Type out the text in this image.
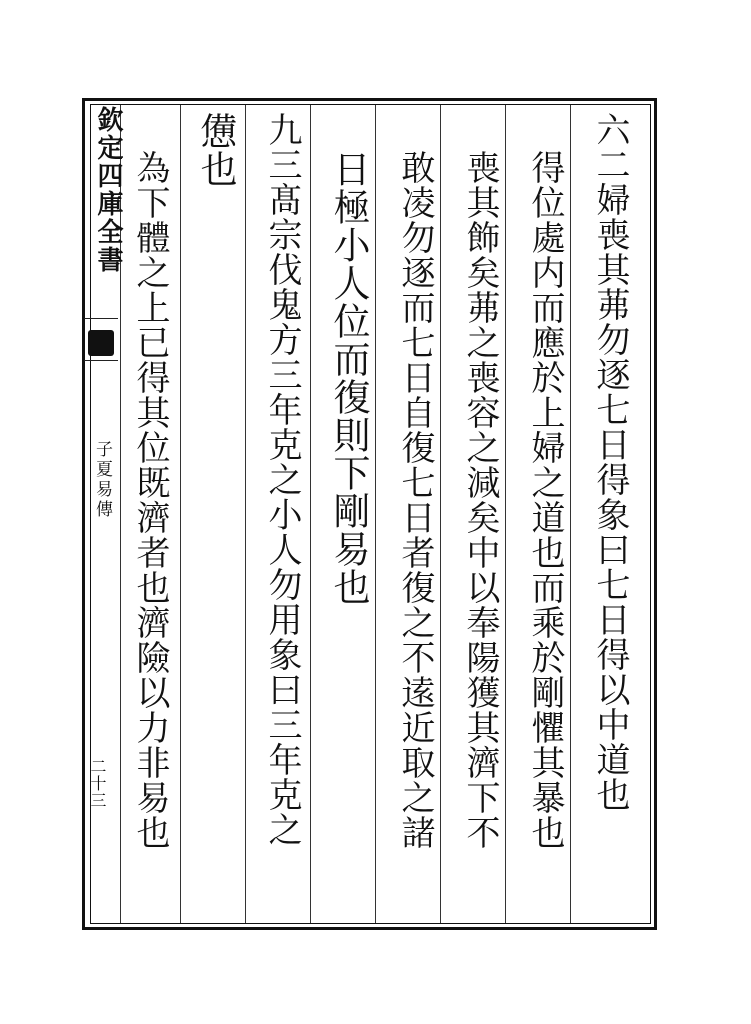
欽定四庫全書
子夏易傳
二十三	六二婦喪其茀勿逐七日得象曰七日得以中道也
得位處内而應於上婦之道也而乘於剛懼其暴也
喪其飾矣茀之喪容之減矣中以奉陽獲其濟下不
敢凌勿逐而七日自復七日者復之不逺近取之諸
日極小人位而復則下剛易也
九三髙宗伐鬼方三年克之小人勿用象曰三年克之
憊也
為下體之上已得其位既濟者也濟險以力非易也
